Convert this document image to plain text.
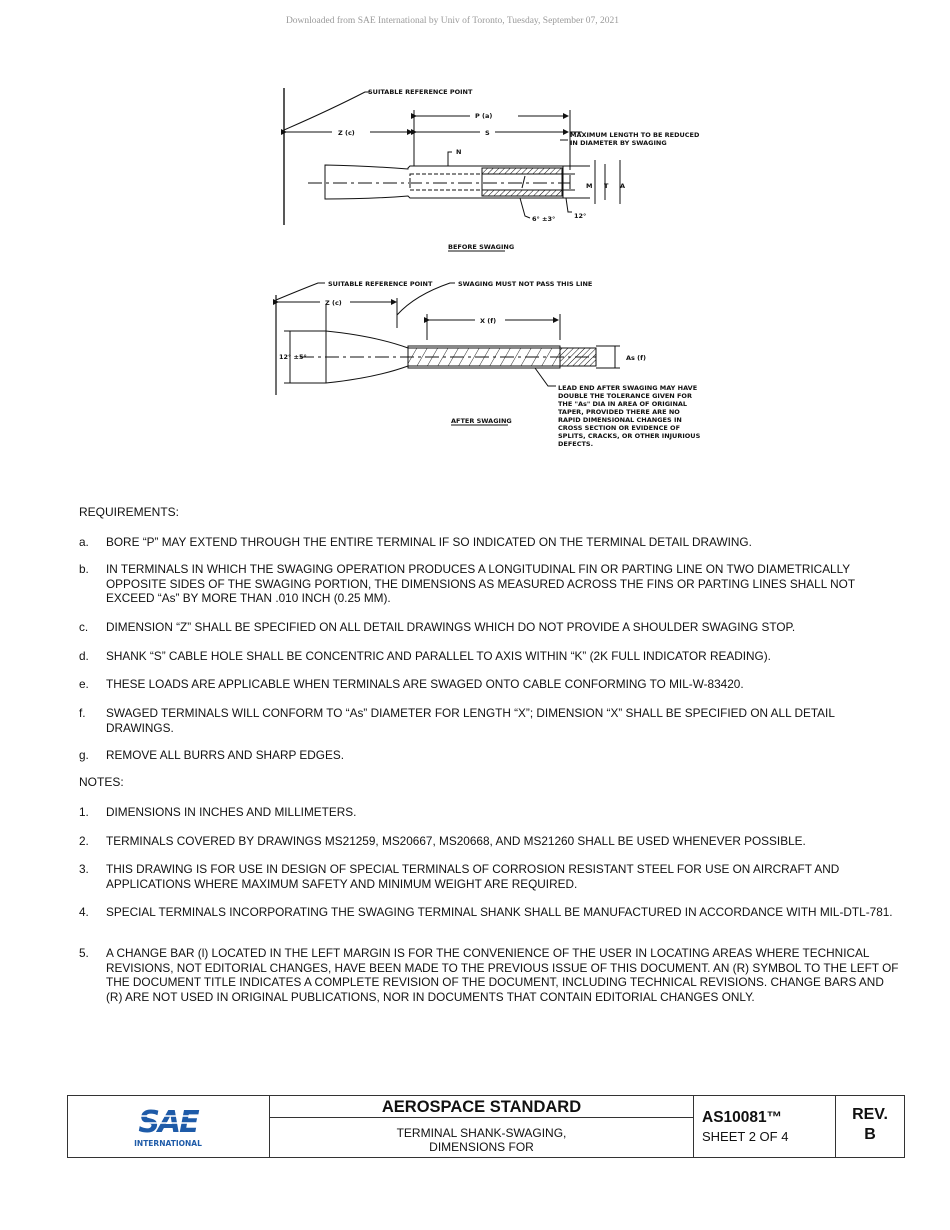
Downloaded from SAE International by Univ of Toronto, Tuesday, September 07, 2021
SUITABLE REFERENCE POINT
P (a)
Z (c)	S	MAXIMUM LENGTH TO BE REDUCED
IN DIAMETER BY SWAGING
N
M T A
6° ±3°	12°
BEFORE SWAGING
SUITABLE REFERENCE POINT	SWAGING MUST NOT PASS THIS LINE
Z (c)
X (f)
12° ±5°	As (f)
LEAD END AFTER SWAGING MAY HAVE
DOUBLE THE TOLERANCE GIVEN FOR
THE "As" DIA IN AREA OF ORIGINAL
TAPER, PROVIDED THERE ARE NO
RAPID DIMENSIONAL CHANGES IN
CROSS SECTION OR EVIDENCE OF
SPLITS, CRACKS, OR OTHER INJURIOUS
DEFECTS.
AFTER SWAGING
REQUIREMENTS:
a. BORE “P” MAY EXTEND THROUGH THE ENTIRE TERMINAL IF SO INDICATED ON THE TERMINAL DETAIL DRAWING.
b. IN TERMINALS IN WHICH THE SWAGING OPERATION PRODUCES A LONGITUDINAL FIN OR PARTING LINE ON TWO DIAMETRICALLY OPPOSITE SIDES OF THE SWAGING PORTION, THE DIMENSIONS AS MEASURED ACROSS THE FINS OR PARTING LINES SHALL NOT EXCEED “As” BY MORE THAN .010 INCH (0.25 MM).
c. DIMENSION “Z” SHALL BE SPECIFIED ON ALL DETAIL DRAWINGS WHICH DO NOT PROVIDE A SHOULDER SWAGING STOP.
d. SHANK “S” CABLE HOLE SHALL BE CONCENTRIC AND PARALLEL TO AXIS WITHIN “K” (2K FULL INDICATOR READING).
e. THESE LOADS ARE APPLICABLE WHEN TERMINALS ARE SWAGED ONTO CABLE CONFORMING TO MIL-W-83420.
f. SWAGED TERMINALS WILL CONFORM TO “As” DIAMETER FOR LENGTH “X”; DIMENSION “X” SHALL BE SPECIFIED ON ALL DETAIL DRAWINGS.
g. REMOVE ALL BURRS AND SHARP EDGES.
NOTES:
1. DIMENSIONS IN INCHES AND MILLIMETERS.
2. TERMINALS COVERED BY DRAWINGS MS21259, MS20667, MS20668, AND MS21260 SHALL BE USED WHENEVER POSSIBLE.
3. THIS DRAWING IS FOR USE IN DESIGN OF SPECIAL TERMINALS OF CORROSION RESISTANT STEEL FOR USE ON AIRCRAFT AND APPLICATIONS WHERE MAXIMUM SAFETY AND MINIMUM WEIGHT ARE REQUIRED.
4. SPECIAL TERMINALS INCORPORATING THE SWAGING TERMINAL SHANK SHALL BE MANUFACTURED IN ACCORDANCE WITH MIL-DTL-781.
5. A CHANGE BAR (l) LOCATED IN THE LEFT MARGIN IS FOR THE CONVENIENCE OF THE USER IN LOCATING AREAS WHERE TECHNICAL REVISIONS, NOT EDITORIAL CHANGES, HAVE BEEN MADE TO THE PREVIOUS ISSUE OF THIS DOCUMENT. AN (R) SYMBOL TO THE LEFT OF THE DOCUMENT TITLE INDICATES A COMPLETE REVISION OF THE DOCUMENT, INCLUDING TECHNICAL REVISIONS. CHANGE BARS AND (R) ARE NOT USED IN ORIGINAL PUBLICATIONS, NOR IN DOCUMENTS THAT CONTAIN EDITORIAL CHANGES ONLY.
SAE
INTERNATIONAL
AEROSPACE STANDARD
TERMINAL SHANK-SWAGING,
DIMENSIONS FOR
AS10081™
SHEET 2 OF 4
REV.
B
